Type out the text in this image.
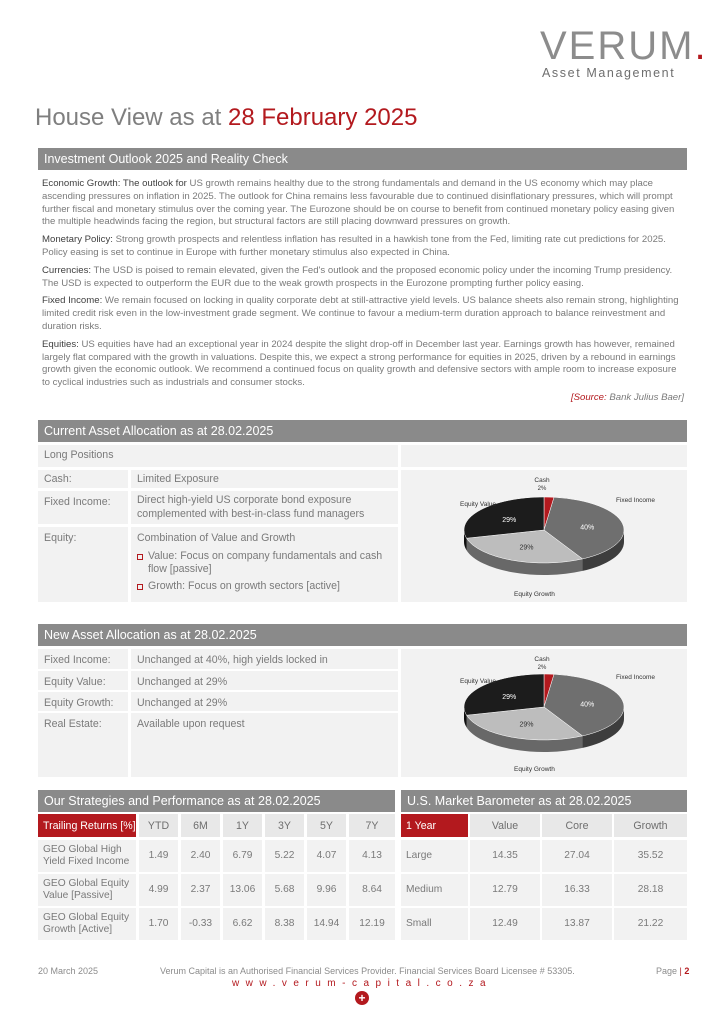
VERUM.
Asset Management
House View as at 28 February 2025
Investment Outlook 2025 and Reality Check

Economic Growth: The outlook for US growth remains healthy due to the strong fundamentals and demand in the US economy which may place ascending pressures on inflation in 2025. The outlook for China remains less favourable due to continued disinflationary pressures, which will prompt further fiscal and monetary stimulus over the coming year. The Eurozone should be on course to benefit from continued monetary policy easing given the multiple headwinds facing the region, but structural factors are still placing downward pressures on growth.

Monetary Policy: Strong growth prospects and relentless inflation has resulted in a hawkish tone from the Fed, limiting rate cut predictions for 2025. Policy easing is set to continue in Europe with further monetary stimulus also expected in China.

Currencies: The USD is poised to remain elevated, given the Fed's outlook and the proposed economic policy under the incoming Trump presidency. The USD is expected to outperform the EUR due to the weak growth prospects in the Eurozone prompting further policy easing.

Fixed Income: We remain focused on locking in quality corporate debt at still-attractive yield levels. US balance sheets also remain strong, highlighting limited credit risk even in the low-investment grade segment. We continue to favour a medium-term duration approach to balance reinvestment and duration risks.

Equities: US equities have had an exceptional year in 2024 despite the slight drop-off in December last year. Earnings growth has however, remained largely flat compared with the growth in valuations. Despite this, we expect a strong performance for equities in 2025, driven by a rebound in earnings growth given the economic outlook. We recommend a continued focus on quality growth and defensive sectors with ample room to increase exposure to cyclical industries such as industrials and consumer stocks.

[Source: Bank Julius Baer]

Current Asset Allocation as at 28.02.2025
Long Positions
Cash:	Limited Exposure
Fixed Income:	Direct high-yield US corporate bond exposure complemented with best-in-class fund managers
Equity:	Combination of Value and Growth
Value: Focus on company fundamentals and cash flow [passive]
Growth: Focus on growth sectors [active]
40%
29%
29%
Cash
Fixed Income
Equity Growth
Equity Value
2%
New Asset Allocation as at 28.02.2025
Fixed Income:	Unchanged at 40%, high yields locked in
Equity Value:	Unchanged at 29%
Equity Growth:	Unchanged at 29%
Real Estate:	Available upon request
40%
29%
29%
Cash
Fixed Income
Equity Growth
Equity Value
2%
Our Strategies and Performance as at 28.02.2025
Trailing Returns [%]	YTD	6M	1Y	3Y	5Y	7Y
GEO Global High Yield Fixed Income
1.49	2.40	6.79	5.22	4.07	4.13
GEO Global Equity Value [Passive]
4.99	2.37	13.06	5.68	9.96	8.64
GEO Global Equity Growth [Active]
1.70	-0.33	6.62	8.38	14.94	12.19
U.S. Market Barometer as at 28.02.2025
1 Year	Value	Core	Growth
Large	14.35	27.04	35.52
Medium	12.79	16.33	28.18
Small	12.49	13.87	21.22
20 March 2025	Verum Capital is an Authorised Financial Services Provider. Financial Services Board Licensee # 53305.	Page | 2
www.verum-capital.co.za
+
